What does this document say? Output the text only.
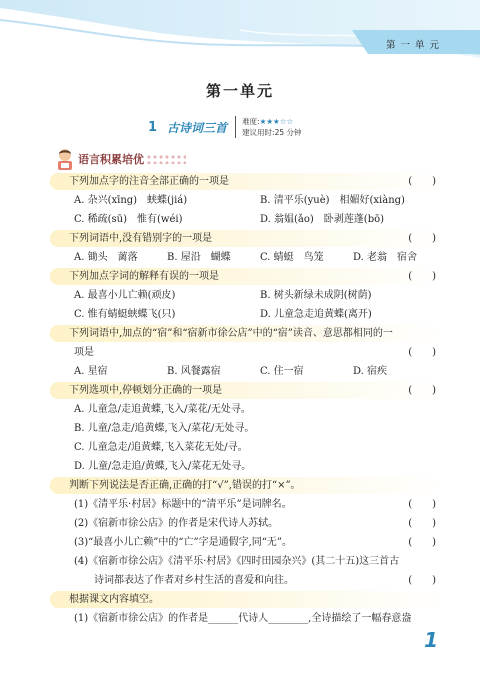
第 一 单 元
第一单元
1 古诗词三首 难度:★★★☆☆
建议用时:25 分钟
语言积累培优
下列加点字的注音全部正确的一项是	(　　)
A. 杂兴(xīng)　蛱蝶(jiá)	B. 清平乐(yuè)　相媚好(xiàng)
C. 稀疏(sū)　惟有(wéi)	D. 翁媪(ǎo)　卧剥莲蓬(bō)
下列词语中,没有错别字的一项是	(　　)
A. 锄头　蓠落	B. 屋沿　蝴蝶	C. 蜻蜓　鸟笼	D. 老翁　宿舍
下列加点字词的解释有误的一项是	(　　)
A. 最喜小儿亡赖(顽皮)	B. 树头新绿未成阴(树荫)
C. 惟有蜻蜓蛱蝶飞(只)	D. 儿童急走追黄蝶(离开)
下列词语中,加点的“宿”和“宿新市徐公店”中的“宿”读音、意思都相同的一
项是	(　　)
A. 星宿	B. 风餐露宿	C. 住一宿	D. 宿疾
下列选项中,停顿划分正确的一项是	(　　)
A. 儿童急/走追黄蝶,飞入/菜花/无处寻。
B. 儿童/急走/追黄蝶,飞入/菜花/无处寻。
C. 儿童急走/追黄蝶,飞入菜花无处/寻。
D. 儿童/急走追/黄蝶,飞入/菜花无处寻。
判断下列说法是否正确,正确的打“√”,错误的打“×”。
(1)《清平乐·村居》标题中的“清平乐”是词牌名。	(　　)
(2)《宿新市徐公店》的作者是宋代诗人苏轼。	(　　)
(3)“最喜小儿亡赖”中的“亡”字是通假字,同“无”。	(　　)
(4)《宿新市徐公店》《清平乐·村居》《四时田园杂兴》(其二十五)这三首古
诗词都表达了作者对乡村生活的喜爱和向往。	(　　)
根据课文内容填空。
(1)《宿新市徐公店》的作者是______代诗人________,全诗描绘了一幅春意盎
1
